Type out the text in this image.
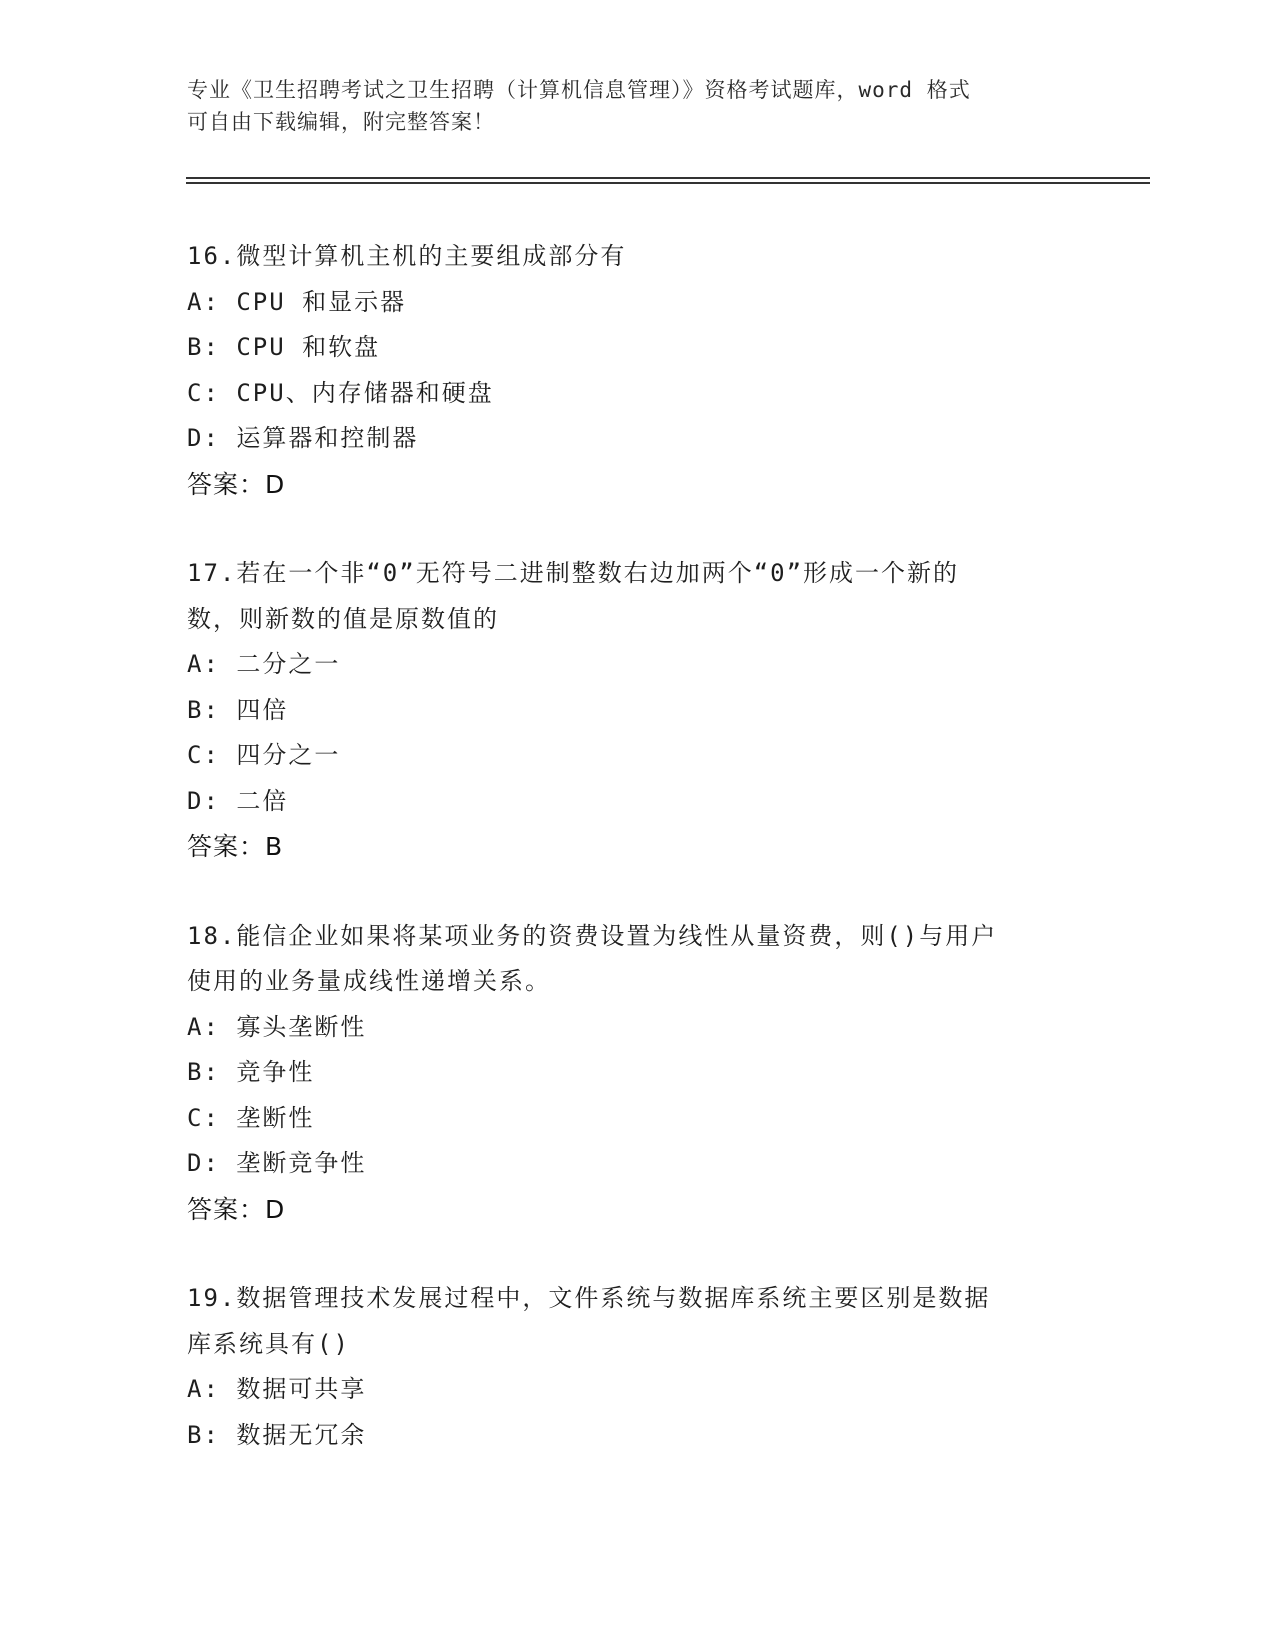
专业《卫生招聘考试之卫生招聘（计算机信息管理）》资格考试题库，word 格式
可自由下载编辑，附完整答案！
16.微型计算机主机的主要组成部分有
A: CPU 和显示器
B: CPU 和软盘
C: CPU、内存储器和硬盘
D: 运算器和控制器
答案：D
17.若在一个非“0”无符号二进制整数右边加两个“0”形成一个新的
数，则新数的值是原数值的
A: 二分之一
B: 四倍
C: 四分之一
D: 二倍
答案：B
18.能信企业如果将某项业务的资费设置为线性从量资费，则()与用户
使用的业务量成线性递增关系。
A: 寡头垄断性
B: 竞争性
C: 垄断性
D: 垄断竞争性
答案：D
19.数据管理技术发展过程中，文件系统与数据库系统主要区别是数据
库系统具有()
A: 数据可共享
B: 数据无冗余
